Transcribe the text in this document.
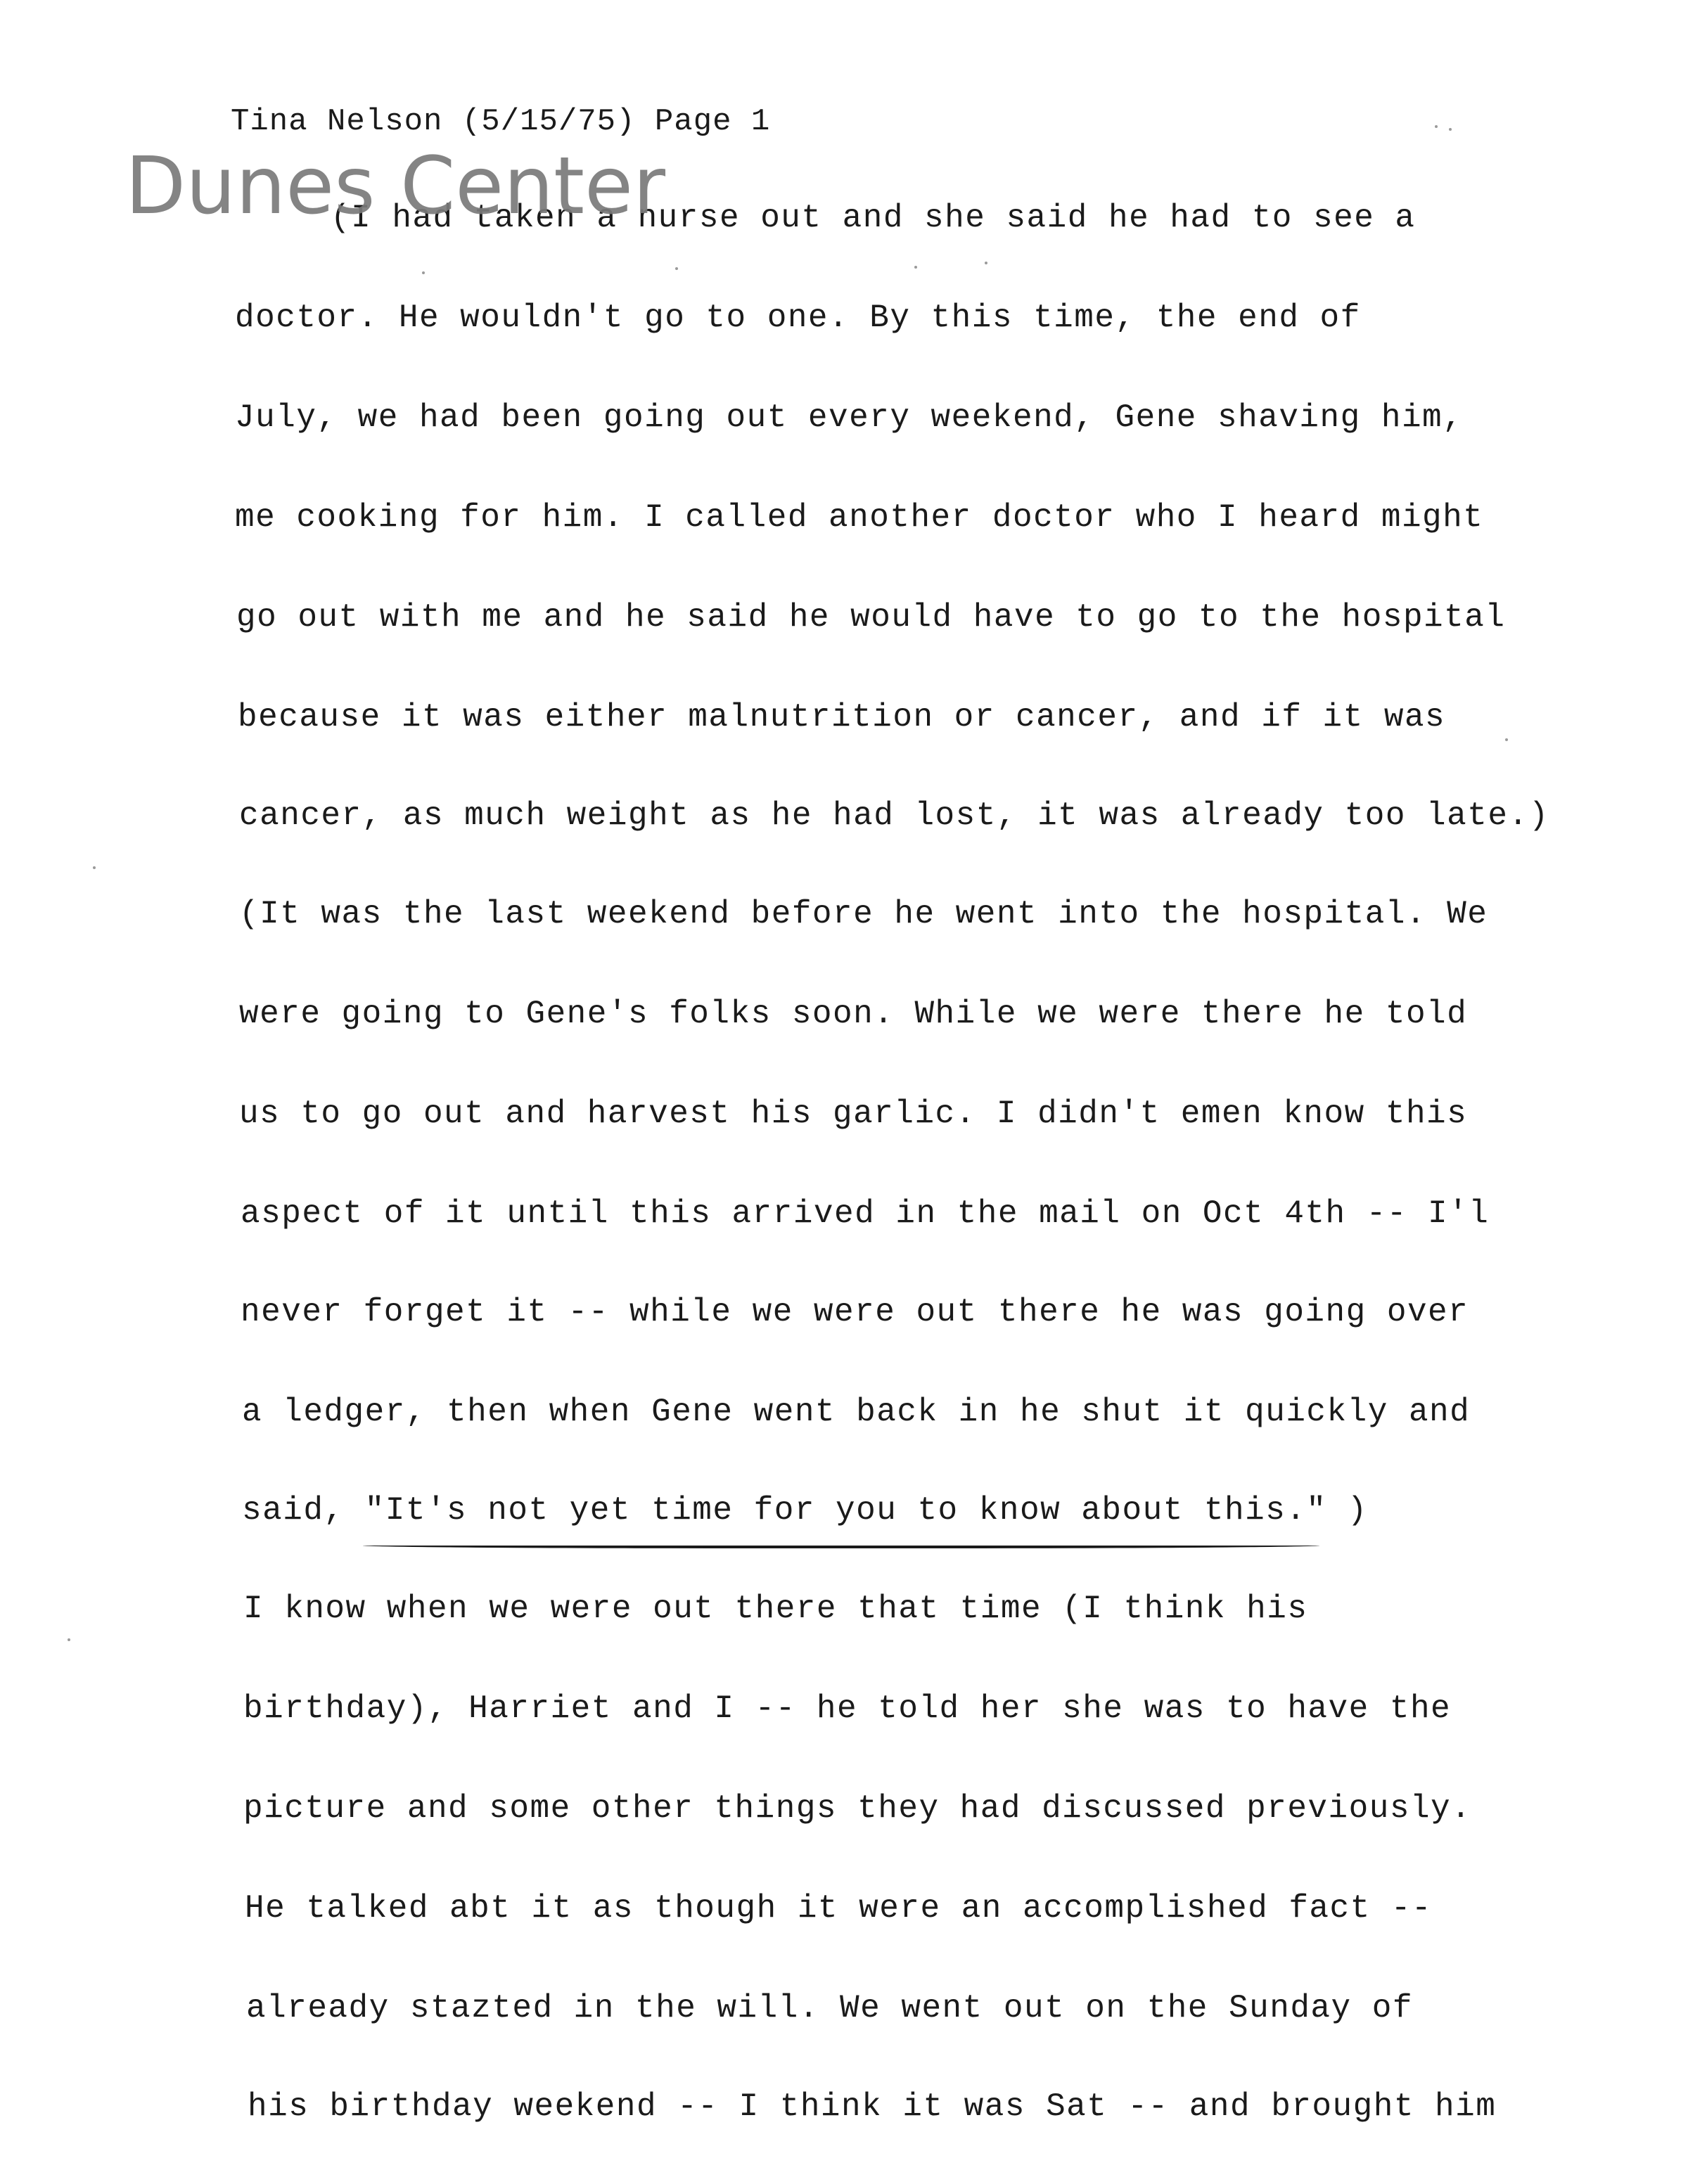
Tina Nelson (5/15/75) Page 1
Dunes Center
(I had taken a nurse out and she said he had to see a
doctor. He wouldn't go to one. By this time, the end of
July, we had been going out every weekend, Gene shaving him,
me cooking for him. I called another doctor who I heard might
go out with me and he said he would have to go to the hospital
because it was either malnutrition or cancer, and if it was
cancer, as much weight as he had lost, it was already too late.)
(It was the last weekend before he went into the hospital. We
were going to Gene's folks soon. While we were there he told
us to go out and harvest his garlic. I didn't emen know this
aspect of it until this arrived in the mail on Oct 4th -- I'l
never forget it -- while we were out there he was going over
a ledger, then when Gene went back in he shut it quickly and
said, "It's not yet time for you to know about this." )
I know when we were out there that time (I think his
birthday), Harriet and I -- he told her she was to have the
picture and some other things they had discussed previously.
He talked abt it as though it were an accomplished fact --
already stazted in the will. We went out on the Sunday of
his birthday weekend -- I think it was Sat -- and brought him
